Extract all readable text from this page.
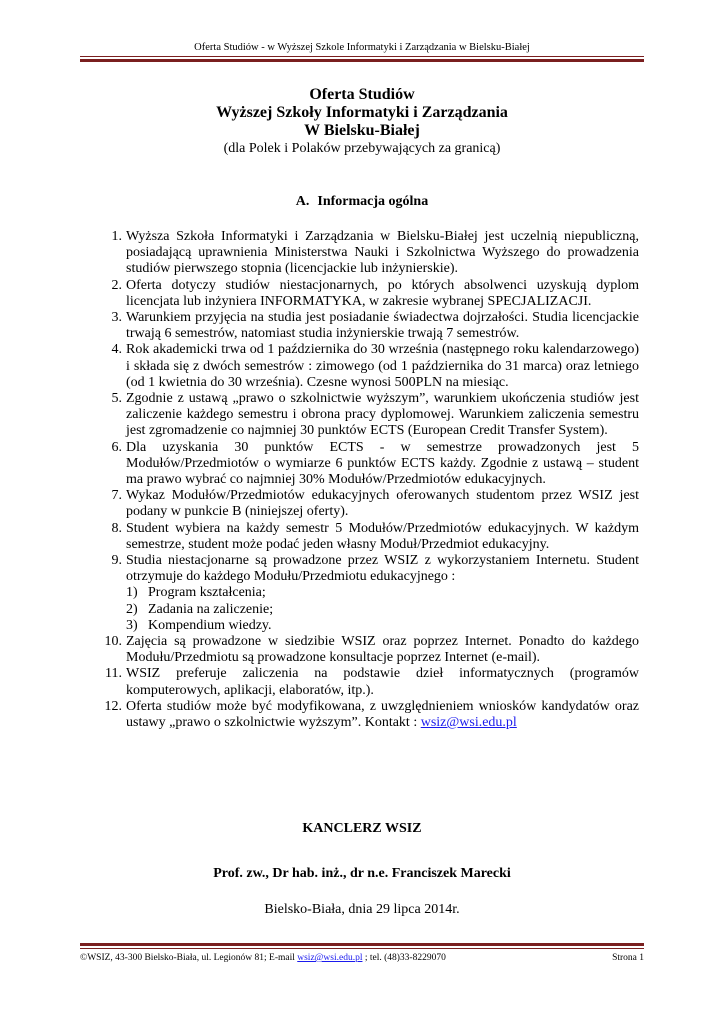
Oferta Studiów - w Wyższej Szkole Informatyki i Zarządzania w Bielsku-Białej
Oferta Studiów
Wyższej Szkoły Informatyki i Zarządzania
W Bielsku-Białej
(dla Polek i Polaków przebywających za granicą)
A. Informacja ogólna
1. Wyższa Szkoła Informatyki i Zarządzania w Bielsku-Białej jest uczelnią niepubliczną, posiadającą uprawnienia Ministerstwa Nauki i Szkolnictwa Wyższego do prowadzenia studiów pierwszego stopnia (licencjackie lub inżynierskie).
2. Oferta dotyczy studiów niestacjonarnych, po których absolwenci uzyskują dyplom licencjata lub inżyniera INFORMATYKA, w zakresie wybranej SPECJALIZACJI.
3. Warunkiem przyjęcia na studia jest posiadanie świadectwa dojrzałości. Studia licencjackie trwają 6 semestrów, natomiast studia inżynierskie trwają 7 semestrów.
4. Rok akademicki trwa od 1 października do 30 września (następnego roku kalendarzowego) i składa się z dwóch semestrów : zimowego (od 1 października do 31 marca) oraz letniego (od 1 kwietnia do 30 września). Czesne wynosi 500PLN na miesiąc.
5. Zgodnie z ustawą „prawo o szkolnictwie wyższym”, warunkiem ukończenia studiów jest zaliczenie każdego semestru i obrona pracy dyplomowej. Warunkiem zaliczenia semestru jest zgromadzenie co najmniej 30 punktów ECTS (European Credit Transfer System).
6. Dla uzyskania 30 punktów ECTS - w semestrze prowadzonych jest 5 Modułów/Przedmiotów o wymiarze 6 punktów ECTS każdy. Zgodnie z ustawą – student ma prawo wybrać co najmniej 30% Modułów/Przedmiotów edukacyjnych.
7. Wykaz Modułów/Przedmiotów edukacyjnych oferowanych studentom przez WSIZ jest podany w punkcie B (niniejszej oferty).
8. Student wybiera na każdy semestr 5 Modułów/Przedmiotów edukacyjnych. W każdym semestrze, student może podać jeden własny Moduł/Przedmiot edukacyjny.
9. Studia niestacjonarne są prowadzone przez WSIZ z wykorzystaniem Internetu. Student otrzymuje do każdego Modułu/Przedmiotu edukacyjnego :
1) Program kształcenia;
2) Zadania na zaliczenie;
3) Kompendium wiedzy.
10. Zajęcia są prowadzone w siedzibie WSIZ oraz poprzez Internet. Ponadto do każdego Modułu/Przedmiotu są prowadzone konsultacje poprzez Internet (e-mail).
11. WSIZ preferuje zaliczenia na podstawie dzieł informatycznych (programów komputerowych, aplikacji, elaboratów, itp.).
12. Oferta studiów może być modyfikowana, z uwzględnieniem wniosków kandydatów oraz ustawy „prawo o szkolnictwie wyższym”. Kontakt : wsiz@wsi.edu.pl
KANCLERZ WSIZ
Prof. zw., Dr hab. inż., dr n.e. Franciszek Marecki
Bielsko-Biała, dnia 29 lipca 2014r.
©WSIZ, 43-300 Bielsko-Biała, ul. Legionów 81; E-mail wsiz@wsi.edu.pl ; tel. (48)33-8229070	Strona 1
